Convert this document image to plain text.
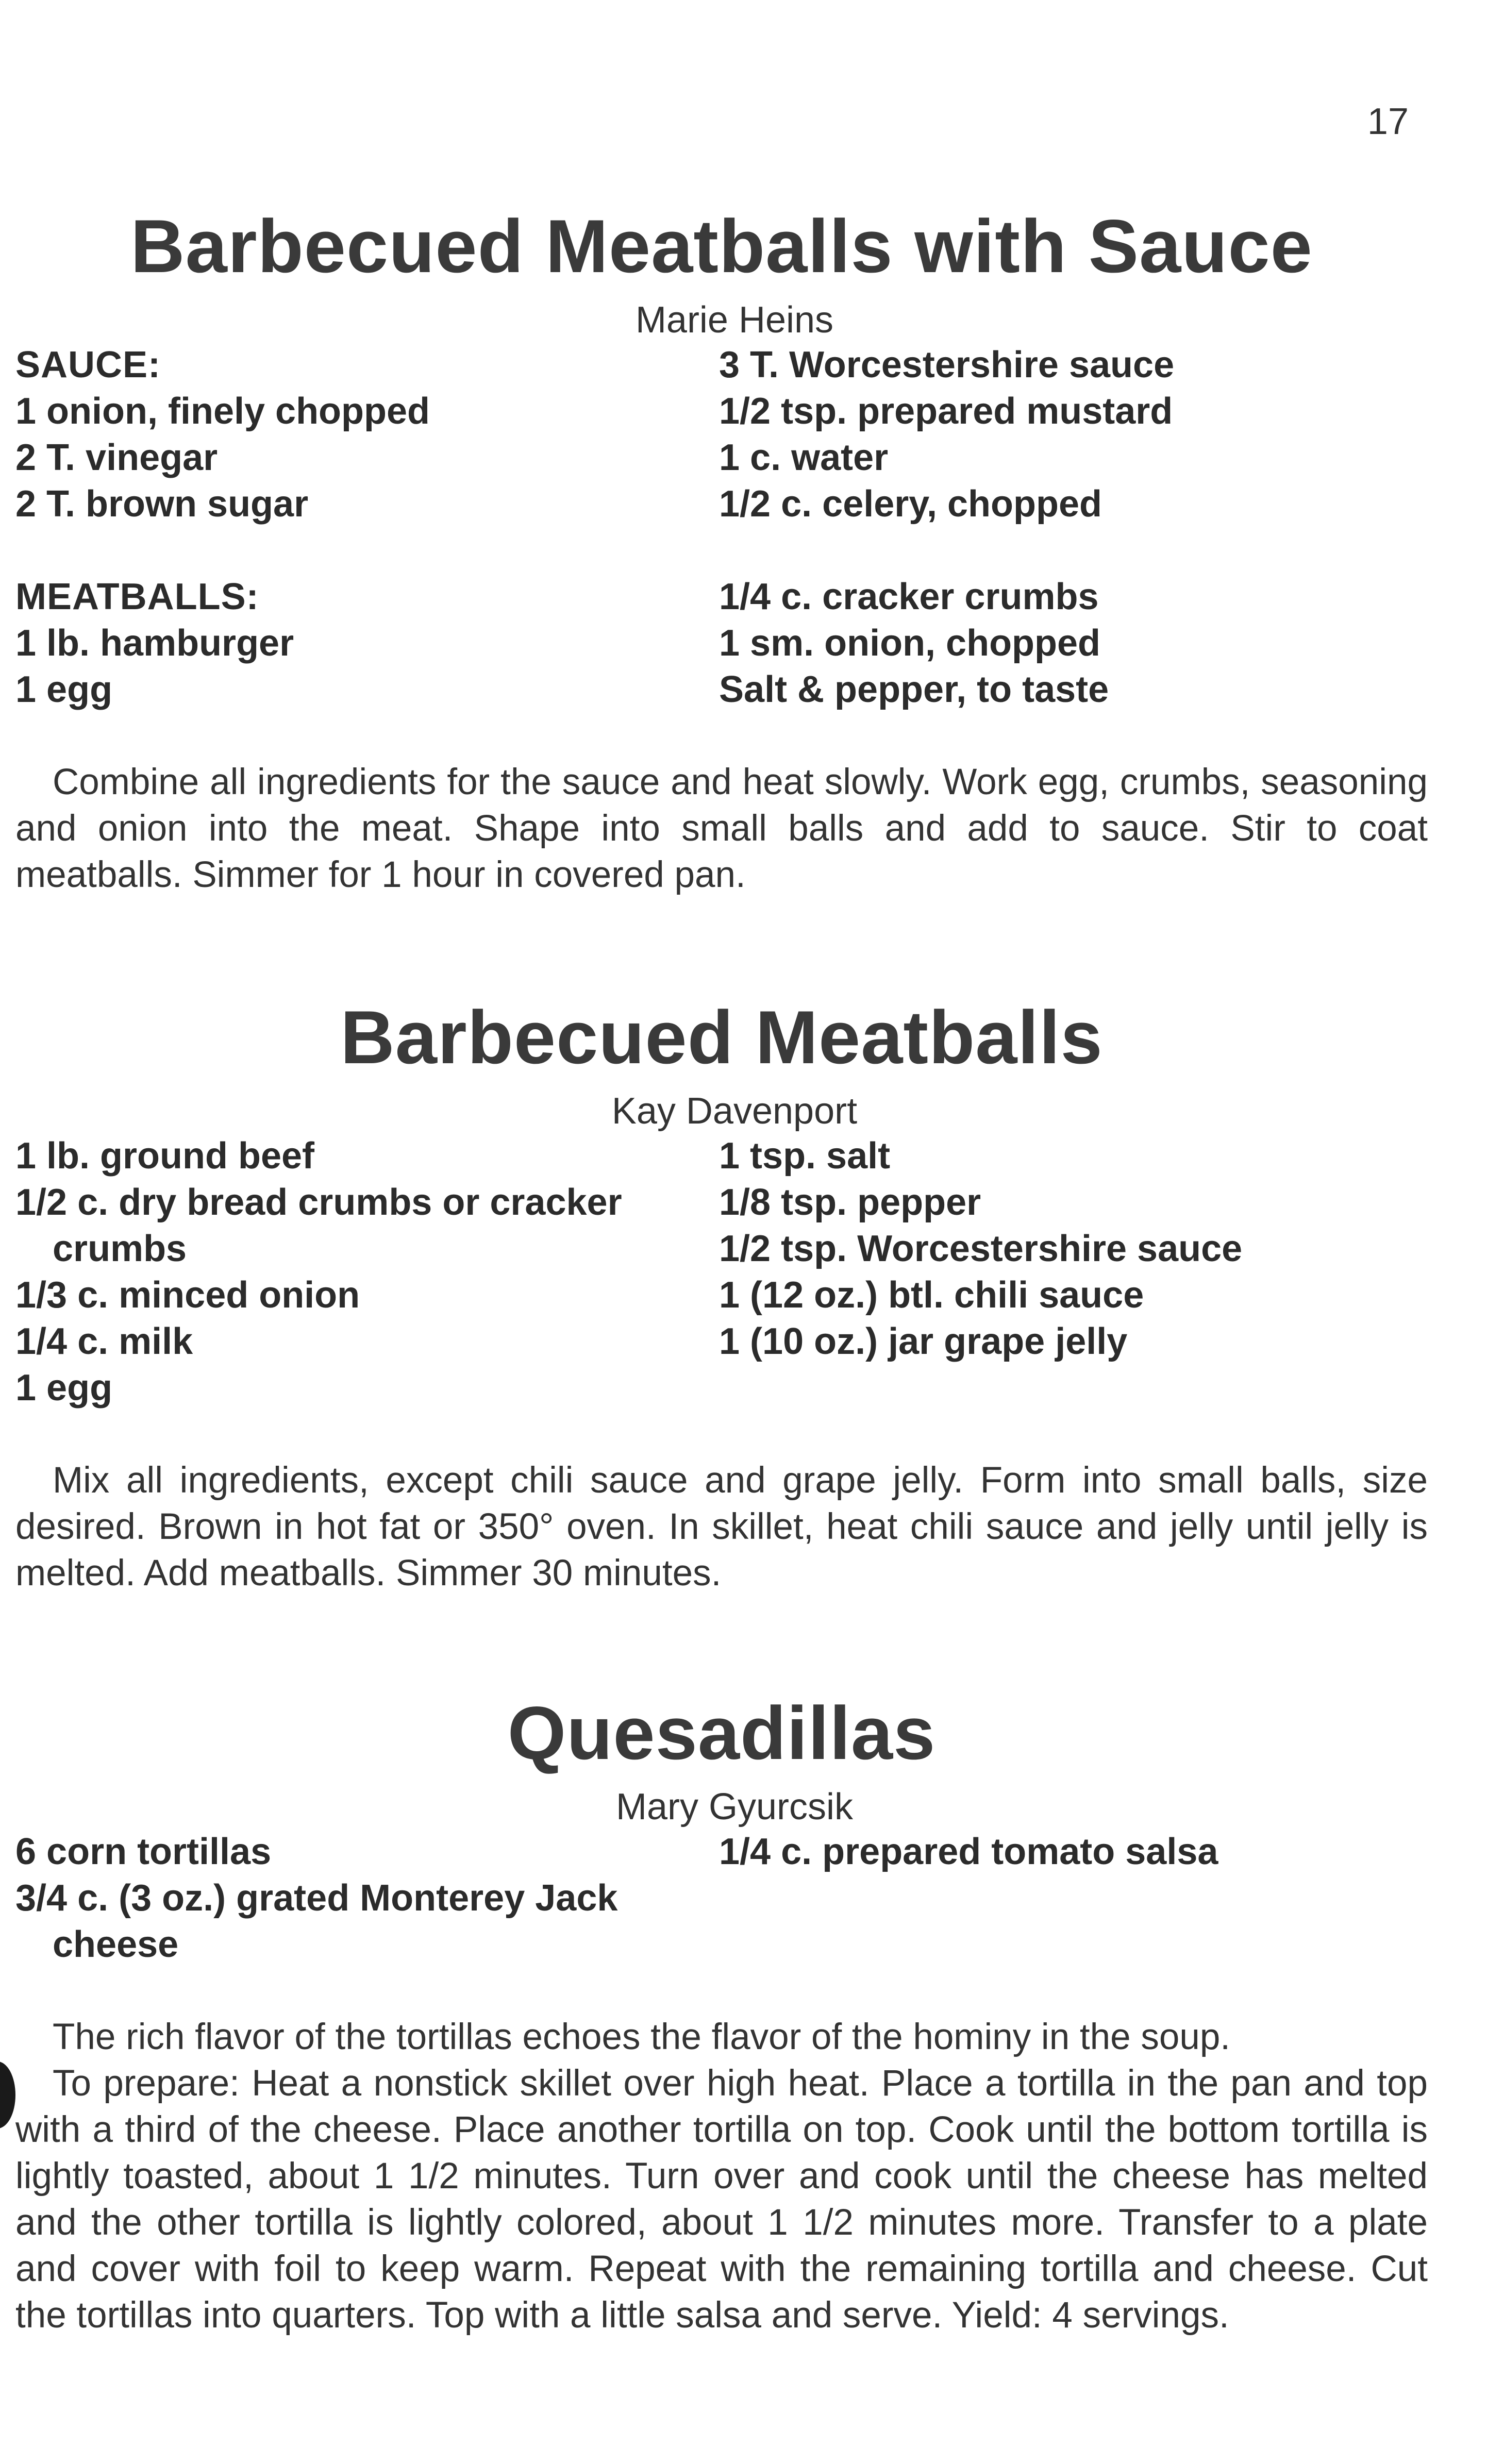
17
Barbecued Meatballs with Sauce
Marie Heins
SAUCE:
1 onion, finely chopped
2 T. vinegar
2 T. brown sugar
MEATBALLS:
1 lb. hamburger
1 egg
3 T. Worcestershire sauce
1/2 tsp. prepared mustard
1 c. water
1/2 c. celery, chopped
1/4 c. cracker crumbs
1 sm. onion, chopped
Salt & pepper, to taste

Combine all ingredients for the sauce and heat slowly. Work egg, crumbs, seasoning and onion into the meat. Shape into small balls and add to sauce. Stir to coat meatballs. Simmer for 1 hour in covered pan.

Barbecued Meatballs
Kay Davenport
1 lb. ground beef
1/2 c. dry bread crumbs or cracker
crumbs
1/3 c. minced onion
1/4 c. milk
1 egg
1 tsp. salt
1/8 tsp. pepper
1/2 tsp. Worcestershire sauce
1 (12 oz.) btl. chili sauce
1 (10 oz.) jar grape jelly

Mix all ingredients, except chili sauce and grape jelly. Form into small balls, size desired. Brown in hot fat or 350° oven. In skillet, heat chili sauce and jelly until jelly is melted. Add meatballs. Simmer 30 minutes.

Quesadillas
Mary Gyurcsik
6 corn tortillas
3/4 c. (3 oz.) grated Monterey Jack
cheese
1/4 c. prepared tomato salsa

The rich flavor of the tortillas echoes the flavor of the hominy in the soup.

To prepare: Heat a nonstick skillet over high heat. Place a tortilla in the pan and top with a third of the cheese. Place another tortilla on top. Cook until the bottom tortilla is lightly toasted, about 1 1/2 minutes. Turn over and cook until the cheese has melted and the other tortilla is lightly colored, about 1 1/2 minutes more. Transfer to a plate and cover with foil to keep warm. Repeat with the remaining tortilla and cheese. Cut the tortillas into quarters. Top with a little salsa and serve. Yield: 4 servings.
